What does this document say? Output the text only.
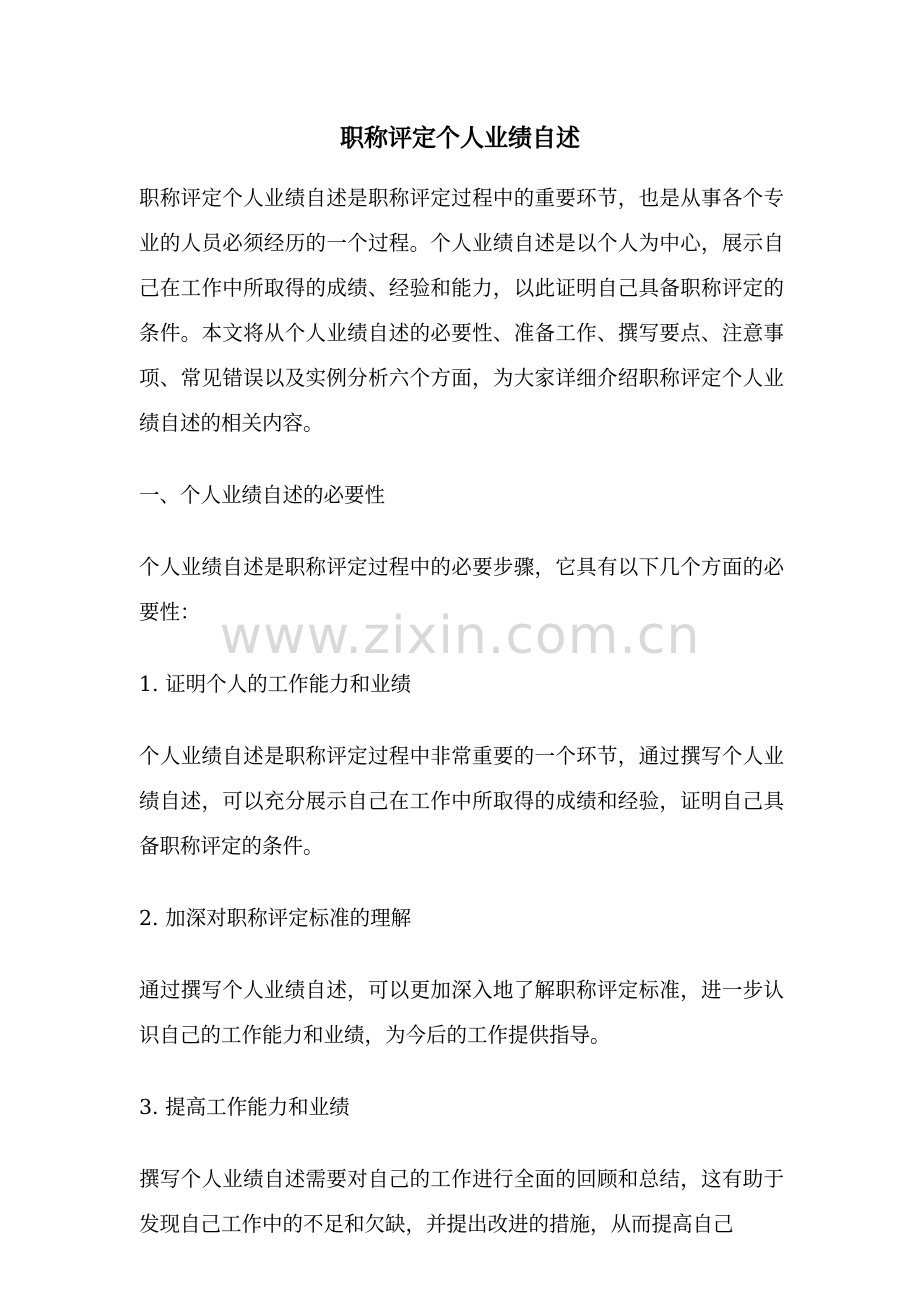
职称评定个人业绩自述

职称评定个人业绩自述是职称评定过程中的重要环节，也是从事各个专业的人员必须经历的一个过程。个人业绩自述是以个人为中心，展示自己在工作中所取得的成绩、经验和能力，以此证明自己具备职称评定的条件。本文将从个人业绩自述的必要性、准备工作、撰写要点、注意事项、常见错误以及实例分析六个方面，为大家详细介绍职称评定个人业绩自述的相关内容。

一、个人业绩自述的必要性

个人业绩自述是职称评定过程中的必要步骤，它具有以下几个方面的必要性：

1. 证明个人的工作能力和业绩

个人业绩自述是职称评定过程中非常重要的一个环节，通过撰写个人业绩自述，可以充分展示自己在工作中所取得的成绩和经验，证明自己具备职称评定的条件。

2. 加深对职称评定标准的理解

通过撰写个人业绩自述，可以更加深入地了解职称评定标准，进一步认识自己的工作能力和业绩，为今后的工作提供指导。

3. 提高工作能力和业绩

撰写个人业绩自述需要对自己的工作进行全面的回顾和总结，这有助于发现自己工作中的不足和欠缺，并提出改进的措施，从而提高自己

www.zixin.com.cn
